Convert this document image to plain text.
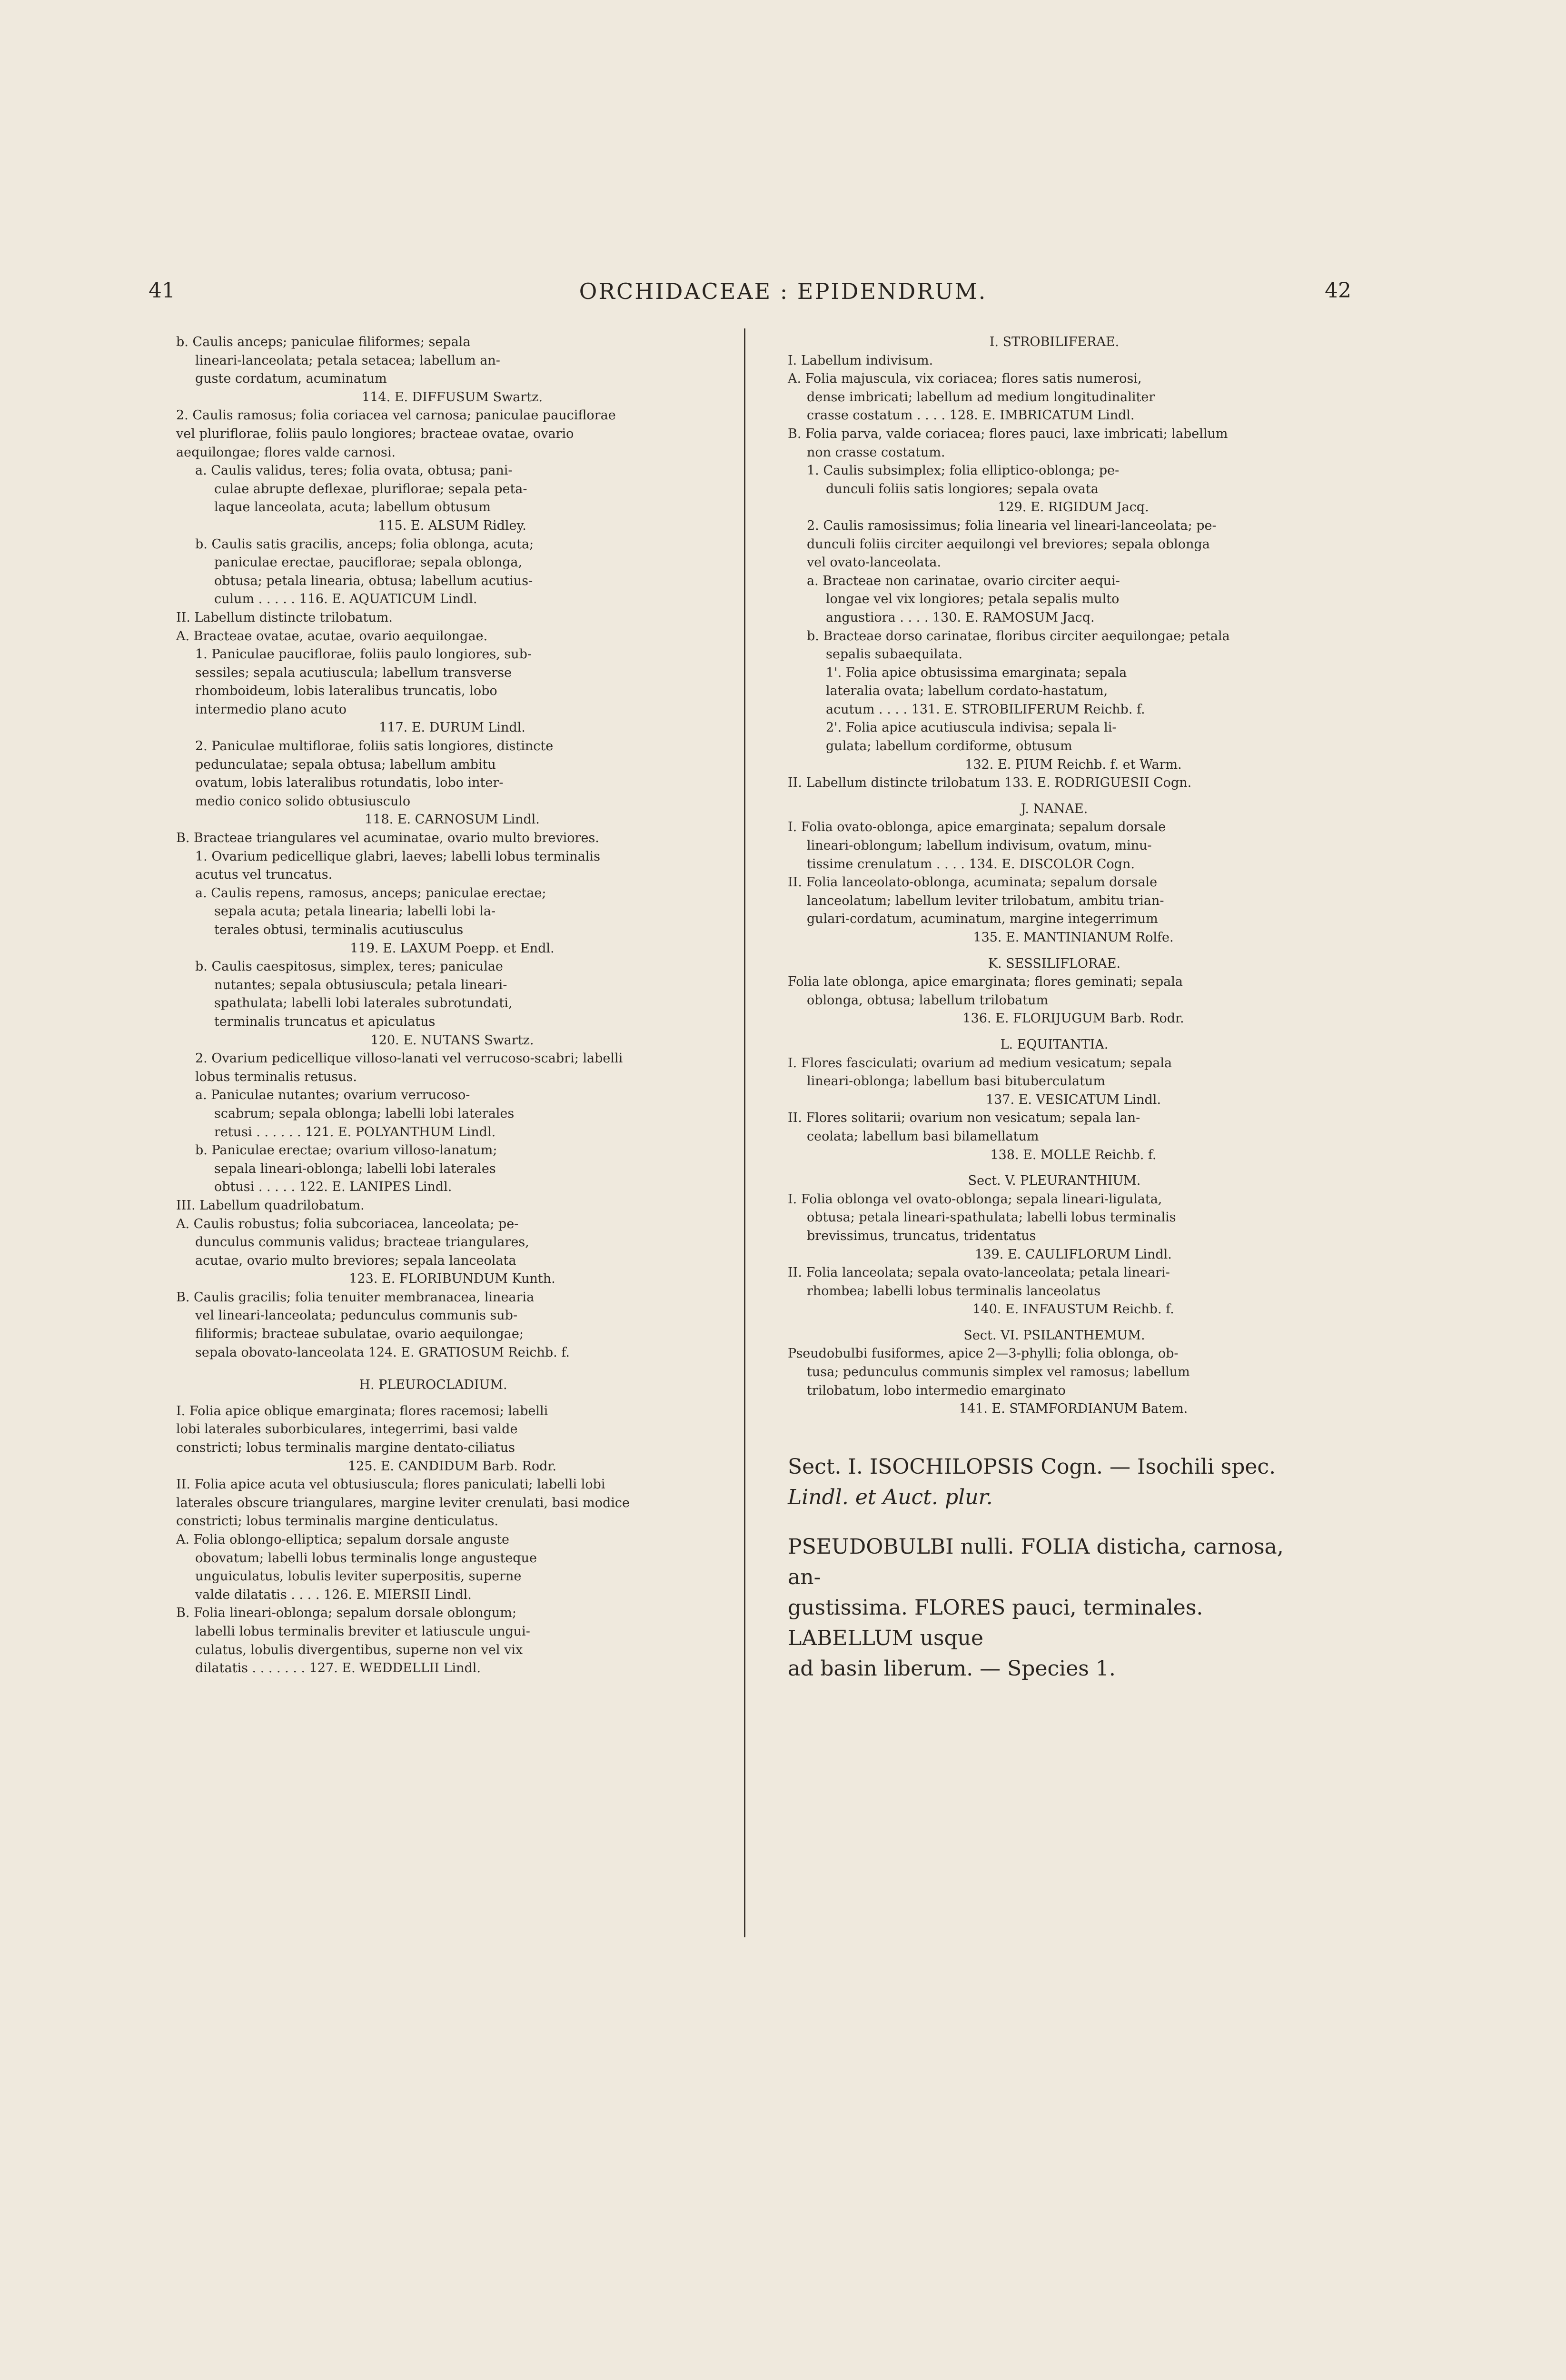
41	ORCHIDACEAE : EPIDENDRUM.	42
b. Caulis anceps; paniculae filiformes; sepala
lineari-lanceolata; petala setacea; labellum an-
guste cordatum, acuminatum
114. E. DIFFUSUM Swartz.
2. Caulis ramosus; folia coriacea vel carnosa; paniculae pauciflorae
vel pluriflorae, foliis paulo longiores; bracteae ovatae, ovario
aequilongae; flores valde carnosi.
a. Caulis validus, teres; folia ovata, obtusa; pani-
culae abrupte deflexae, pluriflorae; sepala peta-
laque lanceolata, acuta; labellum obtusum
115. E. ALSUM Ridley.
b. Caulis satis gracilis, anceps; folia oblonga, acuta;
paniculae erectae, pauciflorae; sepala oblonga,
obtusa; petala linearia, obtusa; labellum acutius-
culum . . . . . 116. E. AQUATICUM Lindl.
II. Labellum distincte trilobatum.
A. Bracteae ovatae, acutae, ovario aequilongae.
1. Paniculae pauciflorae, foliis paulo longiores, sub-
sessiles; sepala acutiuscula; labellum transverse
rhomboideum, lobis lateralibus truncatis, lobo
intermedio plano acuto
117. E. DURUM Lindl.
2. Paniculae multiflorae, foliis satis longiores, distincte
pedunculatae; sepala obtusa; labellum ambitu
ovatum, lobis lateralibus rotundatis, lobo inter-
medio conico solido obtusiusculo
118. E. CARNOSUM Lindl.
B. Bracteae triangulares vel acuminatae, ovario multo breviores.
1. Ovarium pedicellique glabri, laeves; labelli lobus terminalis
acutus vel truncatus.
a. Caulis repens, ramosus, anceps; paniculae erectae;
sepala acuta; petala linearia; labelli lobi la-
terales obtusi, terminalis acutiusculus
119. E. LAXUM Poepp. et Endl.
b. Caulis caespitosus, simplex, teres; paniculae
nutantes; sepala obtusiuscula; petala lineari-
spathulata; labelli lobi laterales subrotundati,
terminalis truncatus et apiculatus
120. E. NUTANS Swartz.
2. Ovarium pedicellique villoso-lanati vel verrucoso-scabri; labelli
lobus terminalis retusus.
a. Paniculae nutantes; ovarium verrucoso-
scabrum; sepala oblonga; labelli lobi laterales
retusi . . . . . . 121. E. POLYANTHUM Lindl.
b. Paniculae erectae; ovarium villoso-lanatum;
sepala lineari-oblonga; labelli lobi laterales
obtusi . . . . . 122. E. LANIPES Lindl.
III. Labellum quadrilobatum.
A. Caulis robustus; folia subcoriacea, lanceolata; pe-
dunculus communis validus; bracteae triangulares,
acutae, ovario multo breviores; sepala lanceolata
123. E. FLORIBUNDUM Kunth.
B. Caulis gracilis; folia tenuiter membranacea, linearia
vel lineari-lanceolata; pedunculus communis sub-
filiformis; bracteae subulatae, ovario aequilongae;
sepala obovato-lanceolata 124. E. GRATIOSUM Reichb. f.
H. PLEUROCLADIUM.
I. Folia apice oblique emarginata; flores racemosi; labelli
lobi laterales suborbiculares, integerrimi, basi valde
constricti; lobus terminalis margine dentato-ciliatus
125. E. CANDIDUM Barb. Rodr.
II. Folia apice acuta vel obtusiuscula; flores paniculati; labelli lobi
laterales obscure triangulares, margine leviter crenulati, basi modice
constricti; lobus terminalis margine denticulatus.
A. Folia oblongo-elliptica; sepalum dorsale anguste
obovatum; labelli lobus terminalis longe angusteque
unguiculatus, lobulis leviter superpositis, superne
valde dilatatis . . . . 126. E. MIERSII Lindl.
B. Folia lineari-oblonga; sepalum dorsale oblongum;
labelli lobus terminalis breviter et latiuscule ungui-
culatus, lobulis divergentibus, superne non vel vix
dilatatis . . . . . . . 127. E. WEDDELLII Lindl.
I. STROBILIFERAE.
I. Labellum indivisum.
A. Folia majuscula, vix coriacea; flores satis numerosi,
dense imbricati; labellum ad medium longitudinaliter
crasse costatum . . . . 128. E. IMBRICATUM Lindl.
B. Folia parva, valde coriacea; flores pauci, laxe imbricati; labellum
non crasse costatum.
1. Caulis subsimplex; folia elliptico-oblonga; pe-
dunculi foliis satis longiores; sepala ovata
129. E. RIGIDUM Jacq.
2. Caulis ramosissimus; folia linearia vel lineari-lanceolata; pe-
dunculi foliis circiter aequilongi vel breviores; sepala oblonga
vel ovato-lanceolata.
a. Bracteae non carinatae, ovario circiter aequi-
longae vel vix longiores; petala sepalis multo
angustiora . . . . 130. E. RAMOSUM Jacq.
b. Bracteae dorso carinatae, floribus circiter aequilongae; petala
sepalis subaequilata.
1'. Folia apice obtusissima emarginata; sepala
lateralia ovata; labellum cordato-hastatum,
acutum . . . . 131. E. STROBILIFERUM Reichb. f.
2'. Folia apice acutiuscula indivisa; sepala li-
gulata; labellum cordiforme, obtusum
132. E. PIUM Reichb. f. et Warm.
II. Labellum distincte trilobatum 133. E. RODRIGUESII Cogn.
J. NANAE.
I. Folia ovato-oblonga, apice emarginata; sepalum dorsale
lineari-oblongum; labellum indivisum, ovatum, minu-
tissime crenulatum . . . . 134. E. DISCOLOR Cogn.
II. Folia lanceolato-oblonga, acuminata; sepalum dorsale
lanceolatum; labellum leviter trilobatum, ambitu trian-
gulari-cordatum, acuminatum, margine integerrimum
135. E. MANTINIANUM Rolfe.
K. SESSILIFLORAE.
Folia late oblonga, apice emarginata; flores geminati; sepala
oblonga, obtusa; labellum trilobatum
136. E. FLORIJUGUM Barb. Rodr.
L. EQUITANTIA.
I. Flores fasciculati; ovarium ad medium vesicatum; sepala
lineari-oblonga; labellum basi bituberculatum
137. E. VESICATUM Lindl.
II. Flores solitarii; ovarium non vesicatum; sepala lan-
ceolata; labellum basi bilamellatum
138. E. MOLLE Reichb. f.
Sect. V. PLEURANTHIUM.
I. Folia oblonga vel ovato-oblonga; sepala lineari-ligulata,
obtusa; petala lineari-spathulata; labelli lobus terminalis
brevissimus, truncatus, tridentatus
139. E. CAULIFLORUM Lindl.
II. Folia lanceolata; sepala ovato-lanceolata; petala lineari-
rhombea; labelli lobus terminalis lanceolatus
140. E. INFAUSTUM Reichb. f.
Sect. VI. PSILANTHEMUM.
Pseudobulbi fusiformes, apice 2—3-phylli; folia oblonga, ob-
tusa; pedunculus communis simplex vel ramosus; labellum
trilobatum, lobo intermedio emarginato
141. E. STAMFORDIANUM Batem.
Sect. I. ISOCHILOPSIS Cogn. — Isochili spec.
Lindl. et Auct. plur.
PSEUDOBULBI nulli. FOLIA disticha, carnosa, an-
gustissima. FLORES pauci, terminales. LABELLUM usque
ad basin liberum. — Species 1.
